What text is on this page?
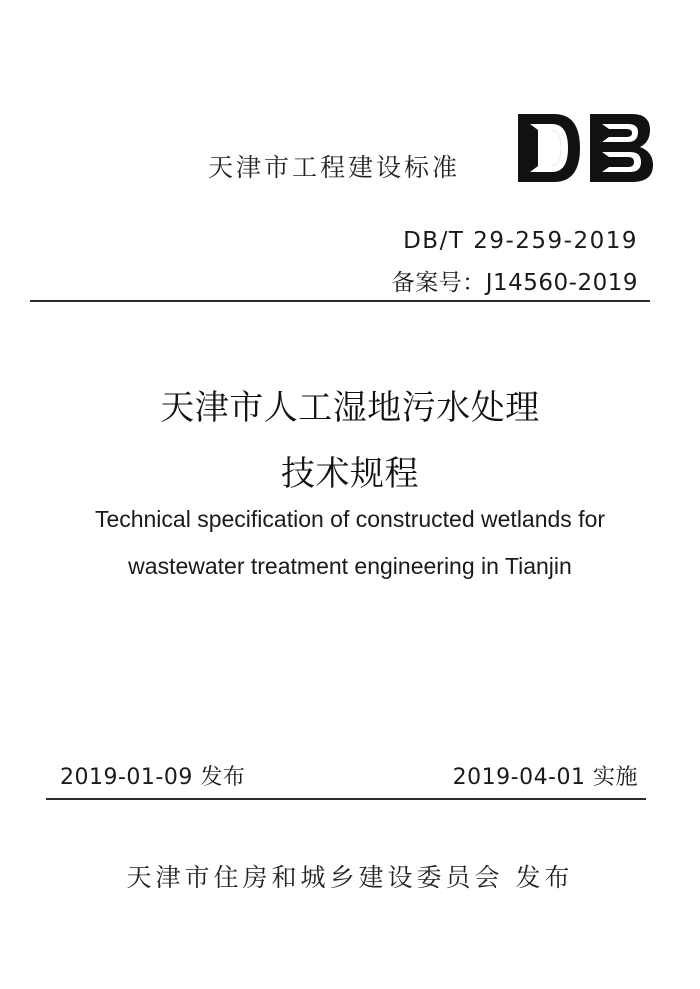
天津市工程建设标准
DB/T 29-259-2019
备案号：J14560-2019
天津市人工湿地污水处理
技术规程
Technical specification of constructed wetlands for
wastewater treatment engineering in Tianjin
2019-01-09 发布	2019-04-01 实施
天津市住房和城乡建设委员会 发布
